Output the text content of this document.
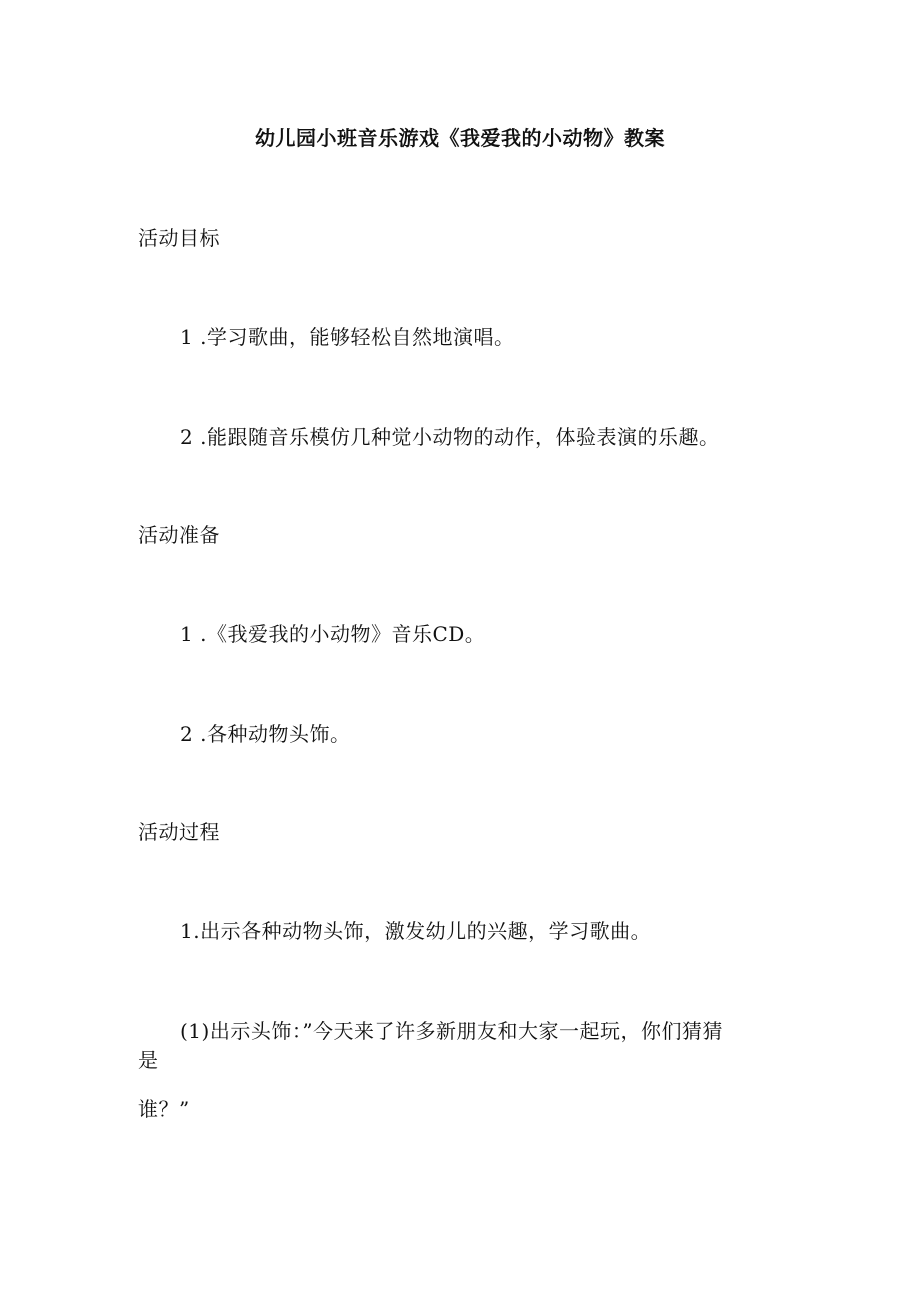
幼儿园小班音乐游戏《我爱我的小动物》教案
活动目标
1 .学习歌曲，能够轻松自然地演唱。
2 .能跟随音乐模仿几种觉小动物的动作，体验表演的乐趣。
活动准备
1 .《我爱我的小动物》音乐CD。
2 .各种动物头饰。
活动过程
1.出示各种动物头饰，激发幼儿的兴趣，学习歌曲。
(1)出示头饰：”今天来了许多新朋友和大家一起玩，你们猜猜
是
谁？”
